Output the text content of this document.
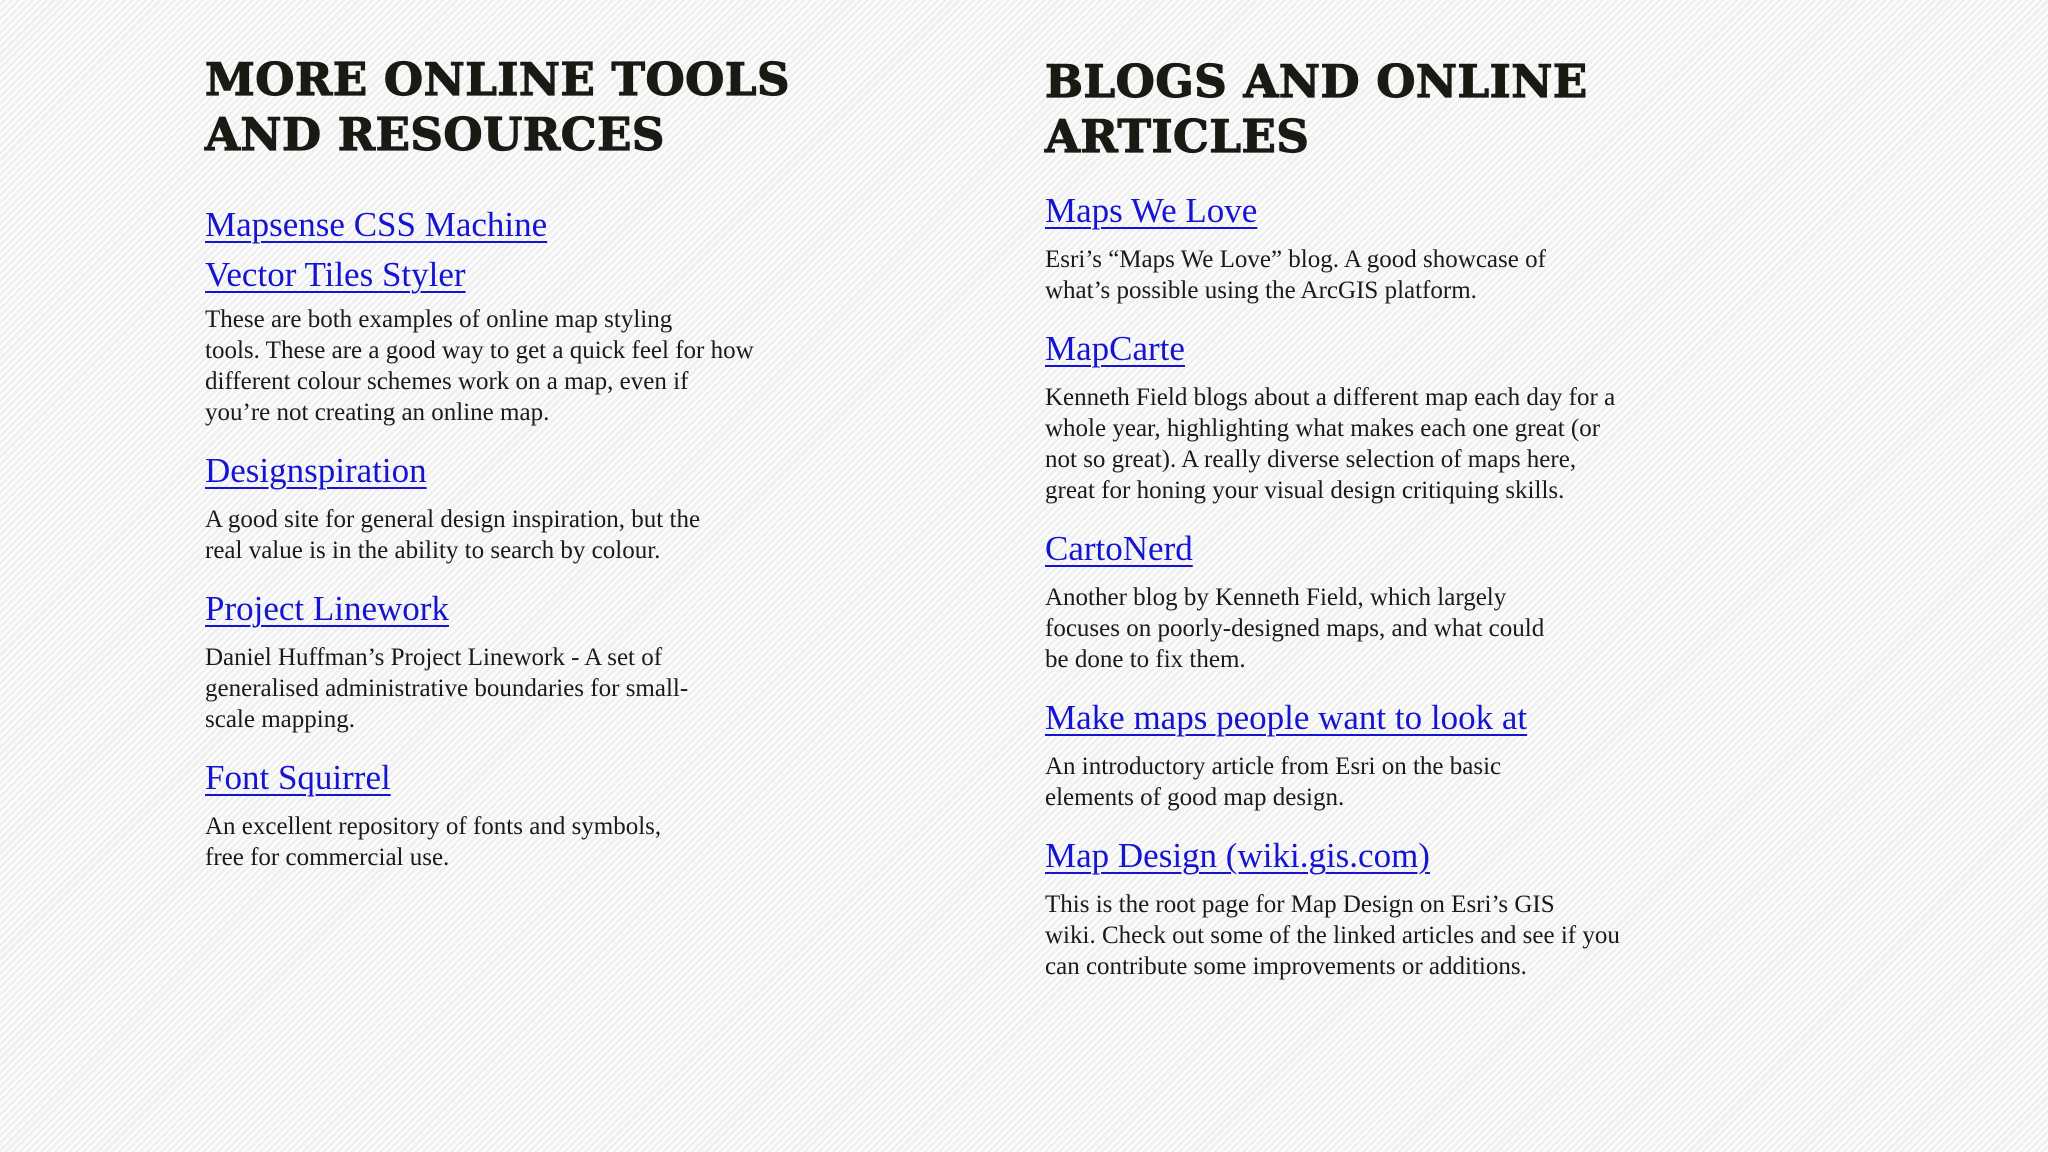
MORE ONLINE TOOLS
AND RESOURCES
Mapsense CSS Machine
Vector Tiles Styler

These are both examples of online map styling
tools. These are a good way to get a quick feel for how
different colour schemes work on a map, even if
you’re not creating an online map.

Designspiration

A good site for general design inspiration, but the
real value is in the ability to search by colour.

Project Linework

Daniel Huffman’s Project Linework - A set of
generalised administrative boundaries for small-
scale mapping.

Font Squirrel

An excellent repository of fonts and symbols,
free for commercial use.

BLOGS AND ONLINE
ARTICLES
Maps We Love

Esri’s “Maps We Love” blog. A good showcase of
what’s possible using the ArcGIS platform.

MapCarte

Kenneth Field blogs about a different map each day for a
whole year, highlighting what makes each one great (or
not so great). A really diverse selection of maps here,
great for honing your visual design critiquing skills.

CartoNerd

Another blog by Kenneth Field, which largely
focuses on poorly-designed maps, and what could
be done to fix them.

Make maps people want to look at

An introductory article from Esri on the basic
elements of good map design.

Map Design (wiki.gis.com)

This is the root page for Map Design on Esri’s GIS
wiki. Check out some of the linked articles and see if you
can contribute some improvements or additions.
